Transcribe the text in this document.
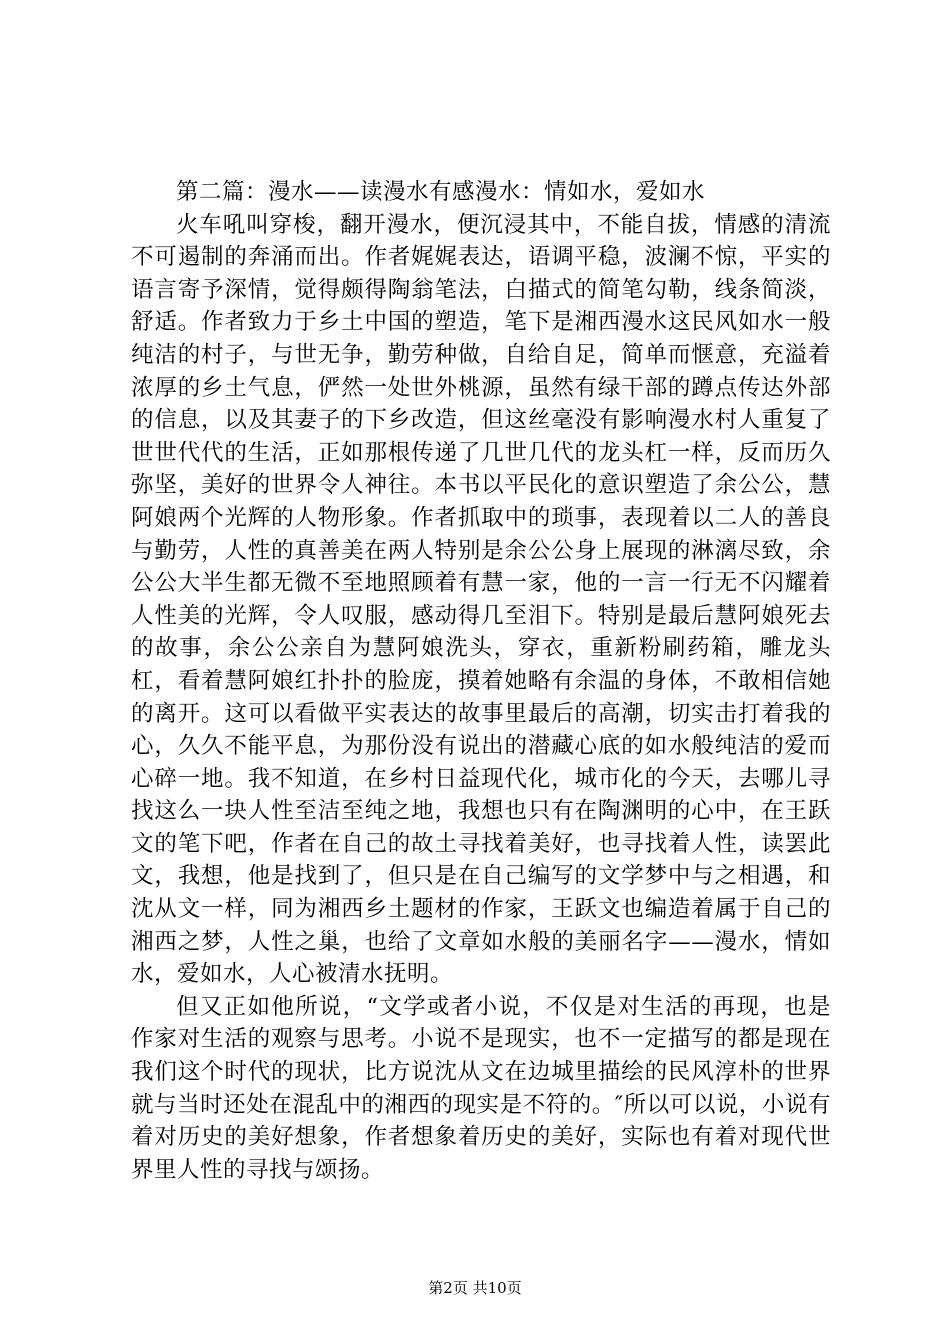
第二篇：漫水——读漫水有感漫水：情如水，爱如水

火车吼叫穿梭，翻开漫水，便沉浸其中，不能自拔，情感的清流不可遏制的奔涌而出。作者娓娓表达，语调平稳，波澜不惊，平实的语言寄予深情，觉得颇得陶翁笔法，白描式的简笔勾勒，线条简淡，舒适。作者致力于乡土中国的塑造，笔下是湘西漫水这民风如水一般纯洁的村子，与世无争，勤劳种做，自给自足，简单而惬意，充溢着浓厚的乡土气息，俨然一处世外桃源，虽然有绿干部的蹲点传达外部的信息，以及其妻子的下乡改造，但这丝毫没有影响漫水村人重复了世世代代的生活，正如那根传递了几世几代的龙头杠一样，反而历久弥坚，美好的世界令人神往。本书以平民化的意识塑造了余公公，慧阿娘两个光辉的人物形象。作者抓取中的琐事，表现着以二人的善良与勤劳，人性的真善美在两人特别是余公公身上展现的淋漓尽致，余公公大半生都无微不至地照顾着有慧一家，他的一言一行无不闪耀着人性美的光辉，令人叹服，感动得几至泪下。特别是最后慧阿娘死去的故事，余公公亲自为慧阿娘洗头，穿衣，重新粉刷药箱，雕龙头杠，看着慧阿娘红扑扑的脸庞，摸着她略有余温的身体，不敢相信她的离开。这可以看做平实表达的故事里最后的高潮，切实击打着我的心，久久不能平息，为那份没有说出的潜藏心底的如水般纯洁的爱而心碎一地。我不知道，在乡村日益现代化，城市化的今天，去哪儿寻找这么一块人性至洁至纯之地，我想也只有在陶渊明的心中，在王跃文的笔下吧，作者在自己的故土寻找着美好，也寻找着人性，读罢此文，我想，他是找到了，但只是在自己编写的文学梦中与之相遇，和沈从文一样，同为湘西乡土题材的作家，王跃文也编造着属于自己的湘西之梦，人性之巢，也给了文章如水般的美丽名字——漫水，情如水，爱如水，人心被清水抚明。

但又正如他所说，“文学或者小说，不仅是对生活的再现，也是作家对生活的观察与思考。小说不是现实，也不一定描写的都是现在我们这个时代的现状，比方说沈从文在边城里描绘的民风淳朴的世界就与当时还处在混乱中的湘西的现实是不符的。″所以可以说，小说有着对历史的美好想象，作者想象着历史的美好，实际也有着对现代世界里人性的寻找与颂扬。

第2页 共10页
